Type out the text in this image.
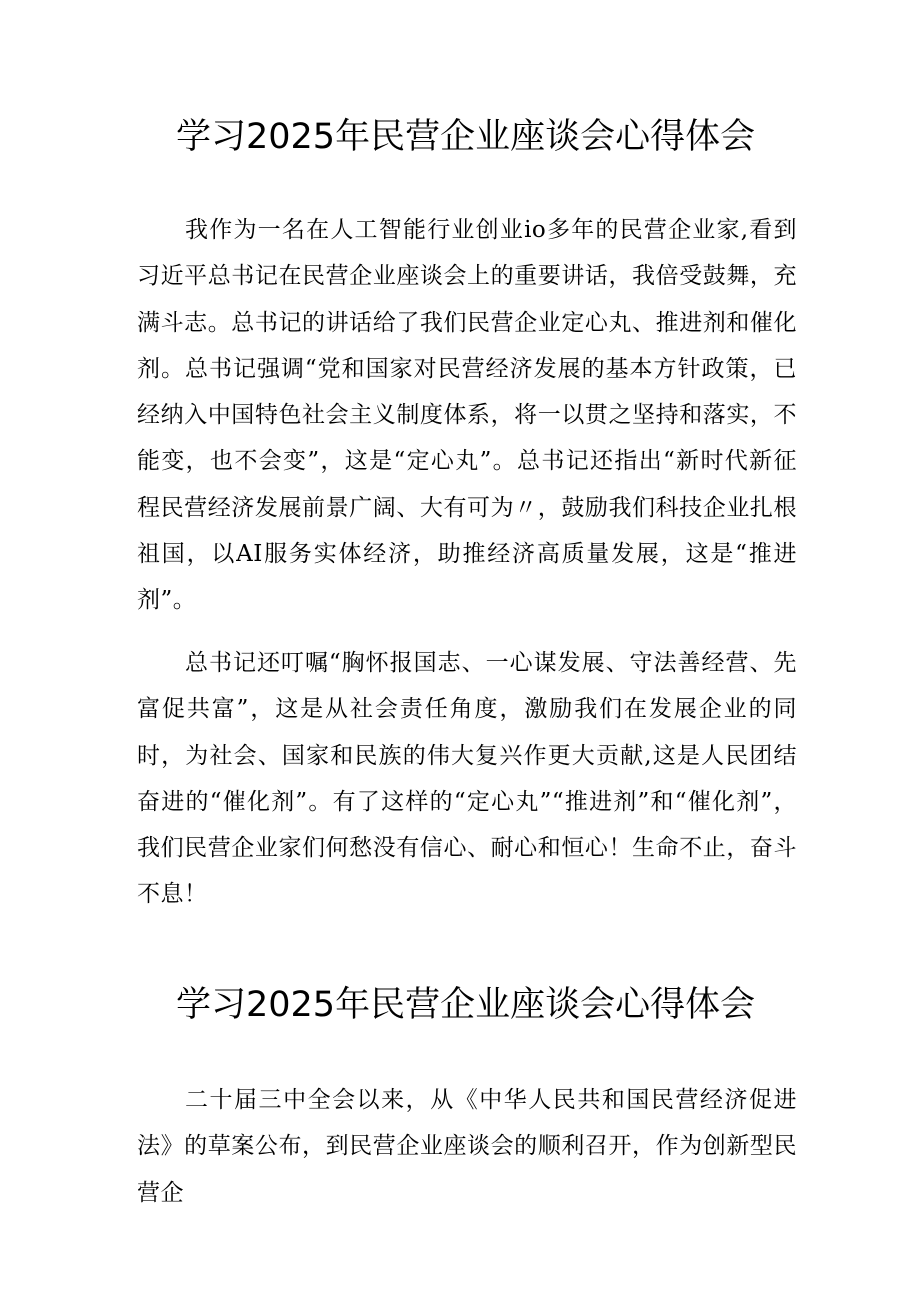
学习2025年民营企业座谈会心得体会

我作为一名在人工智能行业创业io多年的民营企业家,看到习近平总书记在民营企业座谈会上的重要讲话，我倍受鼓舞，充满斗志。总书记的讲话给了我们民营企业定心丸、推进剂和催化剂。总书记强调“党和国家对民营经济发展的基本方针政策，已经纳入中国特色社会主义制度体系，将一以贯之坚持和落实，不能变，也不会变”，这是“定心丸”。总书记还指出“新时代新征程民营经济发展前景广阔、大有可为〃，鼓励我们科技企业扎根祖国，以AI服务实体经济，助推经济高质量发展，这是“推进剂”。

总书记还叮嘱“胸怀报国志、一心谋发展、守法善经营、先富促共富”，这是从社会责任角度，激励我们在发展企业的同时，为社会、国家和民族的伟大复兴作更大贡献,这是人民团结奋进的“催化剂”。有了这样的“定心丸”“推进剂”和“催化剂”，我们民营企业家们何愁没有信心、耐心和恒心！生命不止，奋斗不息！

学习2025年民营企业座谈会心得体会

二十届三中全会以来，从《中华人民共和国民营经济促进法》的草案公布，到民营企业座谈会的顺利召开，作为创新型民营企
